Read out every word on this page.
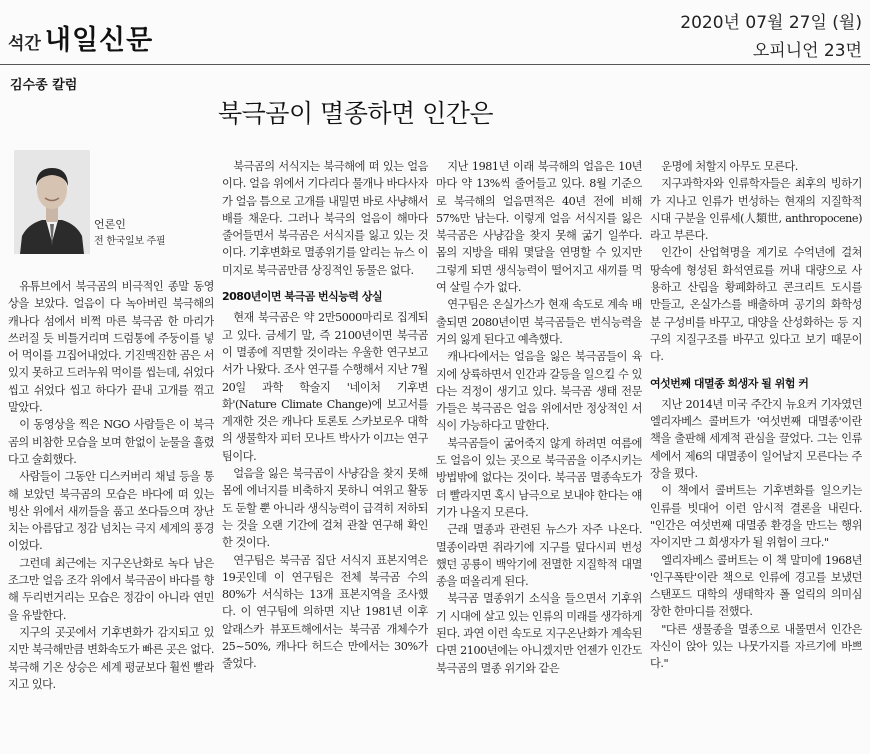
석간 내일신문
2020년 07월 27일 (월)
오피니언 23면
김수종 칼럼
북극곰이 멸종하면 인간은
언론인
전 한국일보 주필

유튜브에서 북극곰의 비극적인 종말 동영상을 보았다. 얼음이 다 녹아버린 북극해의 캐나다 섬에서 비쩍 마른 북극곰 한 마리가 쓰러질 듯 비틀거리며 드럼통에 주둥이를 넣어 먹이를 끄집어내었다. 기진맥진한 곰은 서 있지 못하고 드러누워 먹이를 씹는데, 쉬었다 씹고 쉬었다 씹고 하다가 끝내 고개를 꺾고 말았다.

이 동영상을 찍은 NGO 사람들은 이 북극곰의 비참한 모습을 보며 한없이 눈물을 흘렸다고 술회했다.

사람들이 그동안 디스커버리 채널 등을 통해 보았던 북극곰의 모습은 바다에 떠 있는 빙산 위에서 새끼들을 품고 쏘다듬으며 장난치는 아름답고 정감 넘치는 극지 세계의 풍경이었다.

그런데 최근에는 지구온난화로 녹다 남은 조그만 얼음 조각 위에서 북극곰이 바다를 향해 두리번거리는 모습은 정감이 아니라 연민을 유발한다.

지구의 곳곳에서 기후변화가 감지되고 있지만 북극해만큼 변화속도가 빠른 곳은 없다. 북극해 기온 상승은 세계 평균보다 훨씬 빨라지고 있다.

북극곰의 서식지는 북극해에 떠 있는 얼음이다. 얼음 위에서 기다리다 물개나 바다사자가 얼음 틈으로 고개를 내밀면 바로 사냥해서 배를 채운다. 그러나 북극의 얼음이 해마다 줄어들면서 북극곰은 서식지를 잃고 있는 것이다. 기후변화로 멸종위기를 알리는 뉴스 이미지로 북극곰만큼 상징적인 동물은 없다.

2080년이면 북극곰 번식능력 상실

현재 북극곰은 약 2만5000마리로 집계되고 있다. 금세기 말, 즉 2100년이면 북극곰이 멸종에 직면할 것이라는 우울한 연구보고서가 나왔다. 조사 연구를 수행해서 지난 7월 20일 과학 학술지 '네이처 기후변화'(Nature Climate Change)에 보고서를 게재한 것은 캐나다 토론토 스카보로우 대학의 생물학자 피터 모나트 박사가 이끄는 연구팀이다.

얼음을 잃은 북극곰이 사냥감을 찾지 못해 몸에 에너지를 비축하지 못하니 여위고 활동도 둔할 뿐 아니라 생식능력이 급격히 저하되는 것을 오랜 기간에 걸쳐 관찰 연구해 확인한 것이다.

연구팀은 북극곰 집단 서식지 표본지역은 19곳인데 이 연구팀은 전체 북극곰 수의 80%가 서식하는 13개 표본지역을 조사했다. 이 연구팀에 의하면 지난 1981년 이후 알래스카 뷰포트해에서는 북극곰 개체수가 25~50%, 캐나다 허드슨 만에서는 30%가 줄었다.

지난 1981년 이래 북극해의 얼음은 10년마다 약 13%씩 줄어들고 있다. 8월 기준으로 북극해의 얼음면적은 40년 전에 비해 57%만 남는다. 이렇게 얼음 서식지를 잃은 북극곰은 사냥감을 찾지 못해 굶기 일쑤다. 몸의 지방을 태워 몇달을 연명할 수 있지만 그렇게 되면 생식능력이 떨어지고 새끼를 먹여 살릴 수가 없다.

연구팀은 온실가스가 현재 속도로 계속 배출되면 2080년이면 북극곰들은 번식능력을 거의 잃게 된다고 예측했다.

캐나다에서는 얼음을 잃은 북극곰들이 육지에 상륙하면서 인간과 갈등을 일으킬 수 있다는 걱정이 생기고 있다. 북극곰 생태 전문가들은 북극곰은 얼음 위에서만 정상적인 서식이 가능하다고 말한다.

북극곰들이 굶어죽지 않게 하려면 여름에도 얼음이 있는 곳으로 북극곰을 이주시키는 방법밖에 없다는 것이다. 북극곰 멸종속도가 더 빨라지면 혹시 남극으로 보내야 한다는 얘기가 나올지 모른다.

근래 멸종과 관련된 뉴스가 자주 나온다. 멸종이라면 쥐라기에 지구를 덮다시피 번성했던 공룡이 백악기에 전멸한 지질학적 대멸종을 떠올리게 된다.

북극곰 멸종위기 소식을 들으면서 기후위기 시대에 살고 있는 인류의 미래를 생각하게 된다. 과연 이런 속도로 지구온난화가 계속된다면 2100년에는 아니겠지만 언젠가 인간도 북극곰의 멸종 위기와 같은

운명에 처할지 아무도 모른다.

지구과학자와 인류학자들은 최후의 빙하기가 지나고 인류가 번성하는 현재의 지질학적 시대 구분을 인류세(人類世, anthropocene)라고 부른다.

인간이 산업혁명을 계기로 수억년에 걸쳐 땅속에 형성된 화석연료를 꺼내 대량으로 사용하고 산림을 황폐화하고 콘크리트 도시를 만들고, 온실가스를 배출하며 공기의 화학성분 구성비를 바꾸고, 대양을 산성화하는 등 지구의 지질구조를 바꾸고 있다고 보기 때문이다.

여섯번째 대멸종 희생자 될 위험 커

지난 2014년 미국 주간지 뉴요커 기자였던 엘리자베스 콜버트가 '여섯번째 대멸종'이란 책을 출판해 세계적 관심을 끌었다. 그는 인류세에서 제6의 대멸종이 일어날지 모른다는 주장을 폈다.

이 책에서 콜버트는 기후변화를 일으키는 인류를 빗대어 이런 암시적 결론을 내린다. "인간은 여섯번째 대멸종 환경을 만드는 행위자이지만 그 희생자가 될 위험이 크다."

엘리자베스 콜버트는 이 책 말미에 1968년 '인구폭탄'이란 책으로 인류에 경고를 보냈던 스탠포드 대학의 생태학자 폴 얼릭의 의미심장한 한마디를 전했다.

"다른 생물종을 멸종으로 내몰면서 인간은 자신이 앉아 있는 나뭇가지를 자르기에 바쁘다."
